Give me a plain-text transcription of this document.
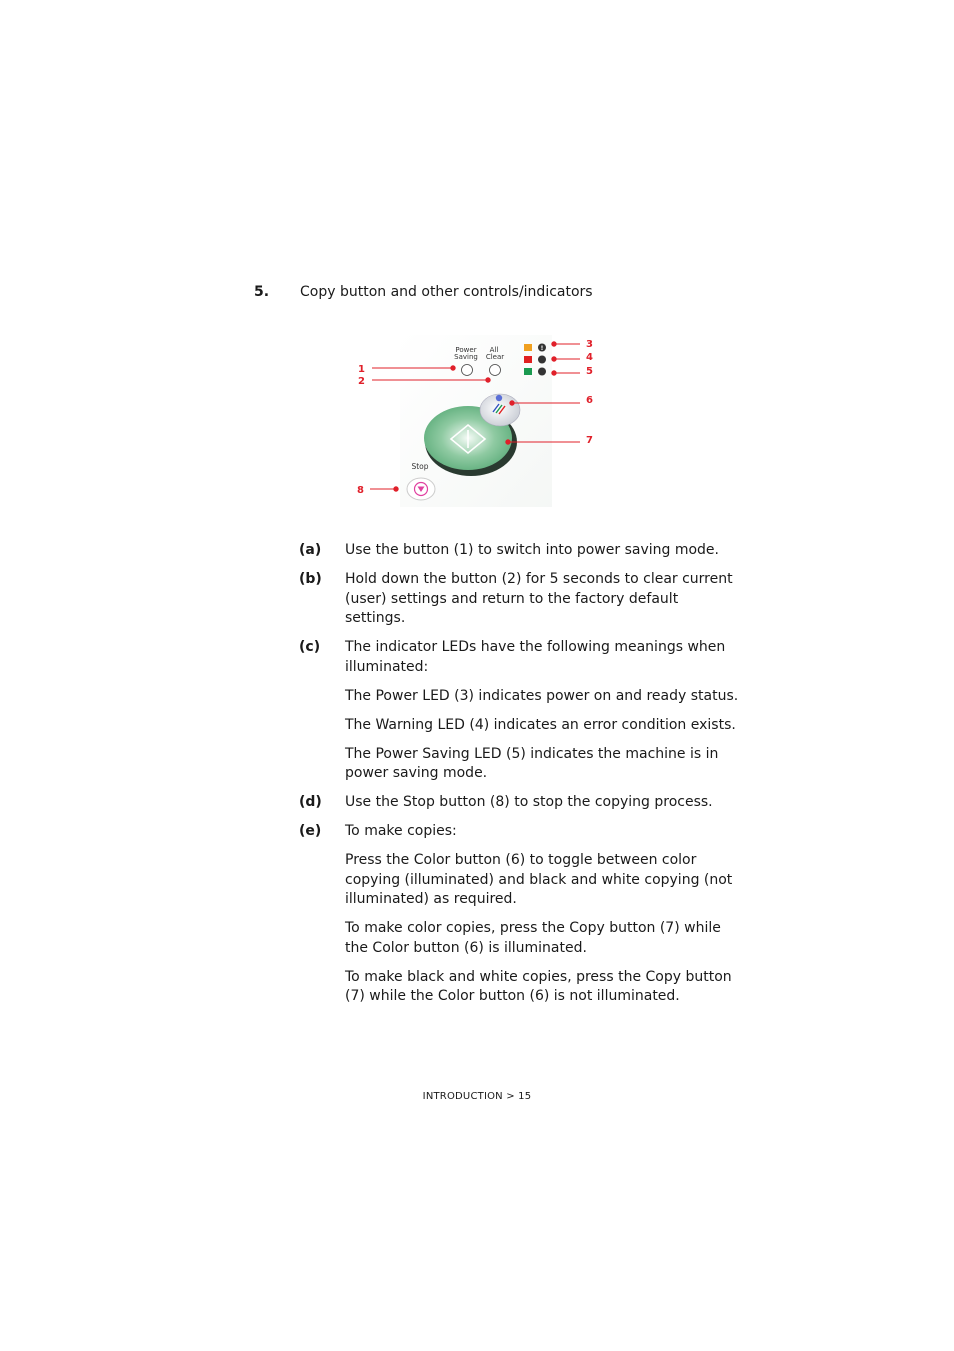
5. Copy button and other controls/indicators
Power
Saving
All
Clear
!
Stop
1
2
3
4
5
6
7
8
(a)	Use the button (1) to switch into power saving mode.
(b)	Hold down the button (2) for 5 seconds to clear current (user) settings and return to the factory default settings.
(c)	The indicator LEDs have the following meanings when illuminated:
The Power LED (3) indicates power on and ready status.
The Warning LED (4) indicates an error condition exists.
The Power Saving LED (5) indicates the machine is in power saving mode.
(d)	Use the Stop button (8) to stop the copying process.
(e)	To make copies:
Press the Color button (6) to toggle between color copying (illuminated) and black and white copying (not illuminated) as required.
To make color copies, press the Copy button (7) while the Color button (6) is illuminated.
To make black and white copies, press the Copy button (7) while the Color button (6) is not illuminated.
INTRODUCTION > 15
